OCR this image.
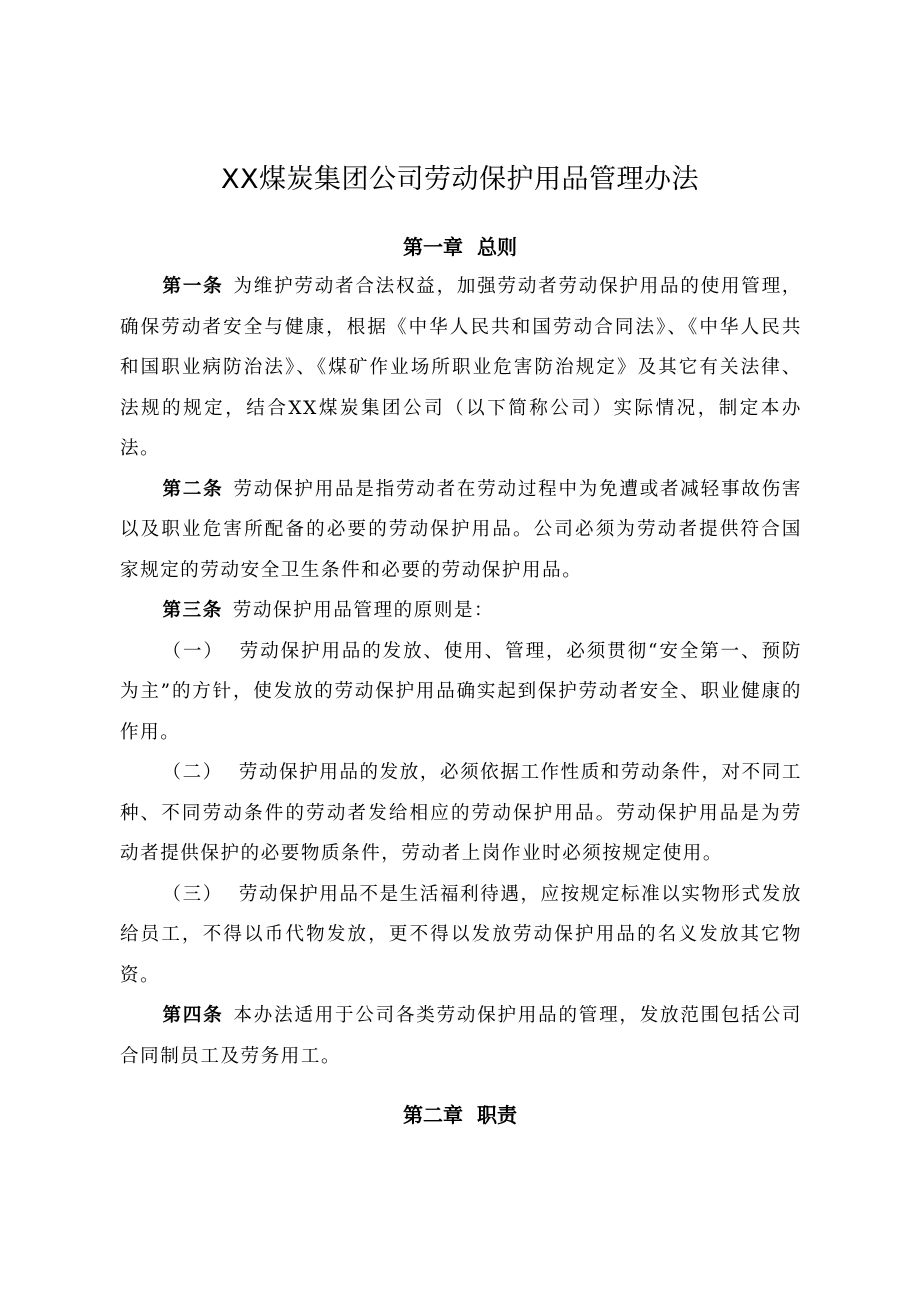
XX煤炭集团公司劳动保护用品管理办法
第一章 总则

第一条 为维护劳动者合法权益，加强劳动者劳动保护用品的使用管理，确保劳动者安全与健康，根据《中华人民共和国劳动合同法》、《中华人民共和国职业病防治法》、《煤矿作业场所职业危害防治规定》及其它有关法律、法规的规定，结合XX煤炭集团公司（以下简称公司）实际情况，制定本办法。

第二条 劳动保护用品是指劳动者在劳动过程中为免遭或者减轻事故伤害以及职业危害所配备的必要的劳动保护用品。公司必须为劳动者提供符合国家规定的劳动安全卫生条件和必要的劳动保护用品。

第三条 劳动保护用品管理的原则是：

（一） 劳动保护用品的发放、使用、管理，必须贯彻“安全第一、预防为主”的方针，使发放的劳动保护用品确实起到保护劳动者安全、职业健康的作用。

（二） 劳动保护用品的发放，必须依据工作性质和劳动条件，对不同工种、不同劳动条件的劳动者发给相应的劳动保护用品。劳动保护用品是为劳动者提供保护的必要物质条件，劳动者上岗作业时必须按规定使用。

（三） 劳动保护用品不是生活福利待遇，应按规定标准以实物形式发放给员工，不得以币代物发放，更不得以发放劳动保护用品的名义发放其它物资。

第四条 本办法适用于公司各类劳动保护用品的管理，发放范围包括公司合同制员工及劳务用工。

第二章 职责
